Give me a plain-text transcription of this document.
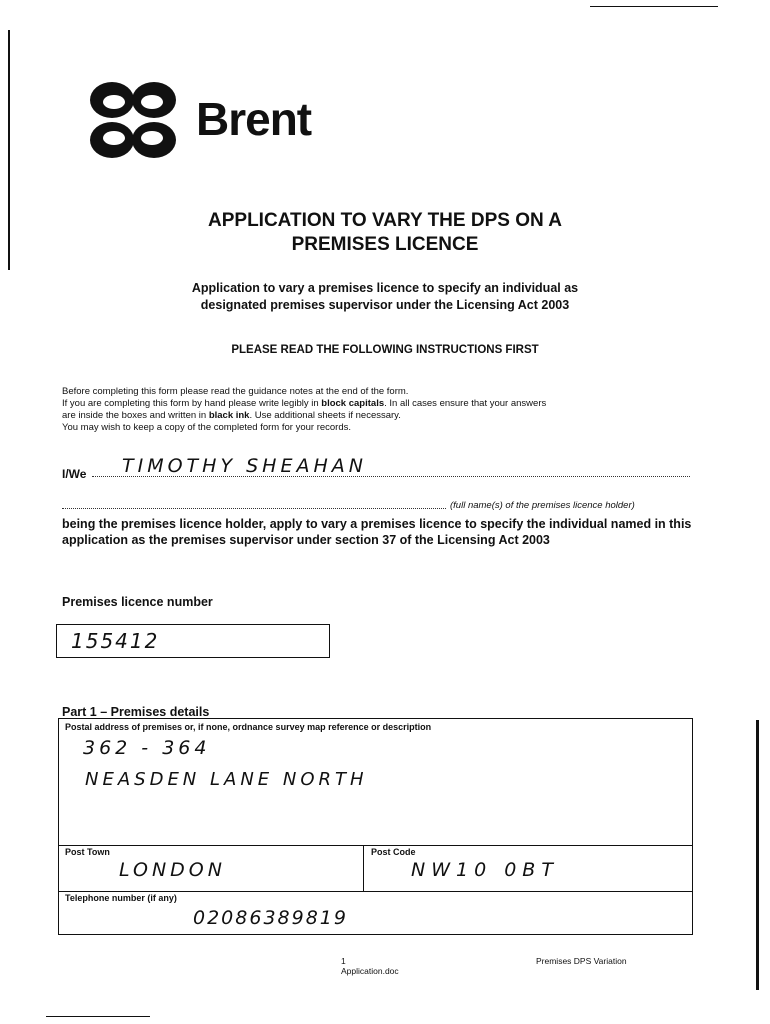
Brent
APPLICATION TO VARY THE DPS ON A
PREMISES LICENCE
Application to vary a premises licence to specify an individual as
designated premises supervisor under the Licensing Act 2003
PLEASE READ THE FOLLOWING INSTRUCTIONS FIRST
Before completing this form please read the guidance notes at the end of the form.
If you are completing this form by hand please write legibly in block capitals. In all cases ensure that your answers
are inside the boxes and written in black ink. Use additional sheets if necessary.
You may wish to keep a copy of the completed form for your records.
I/We TIMOTHY SHEAHAN
(full name(s) of the premises licence holder)
being the premises licence holder, apply to vary a premises licence to specify the individual named in this application as the premises supervisor under section 37 of the Licensing Act 2003
Premises licence number
155412
Part 1 – Premises details
Postal address of premises or, if none, ordnance survey map reference or description
362 - 364
NEASDEN LANE NORTH
Post Town
LONDON
Post Code
NW10 0BT
Telephone number (if any)
02086389819
1
Application.doc
Premises DPS Variation
